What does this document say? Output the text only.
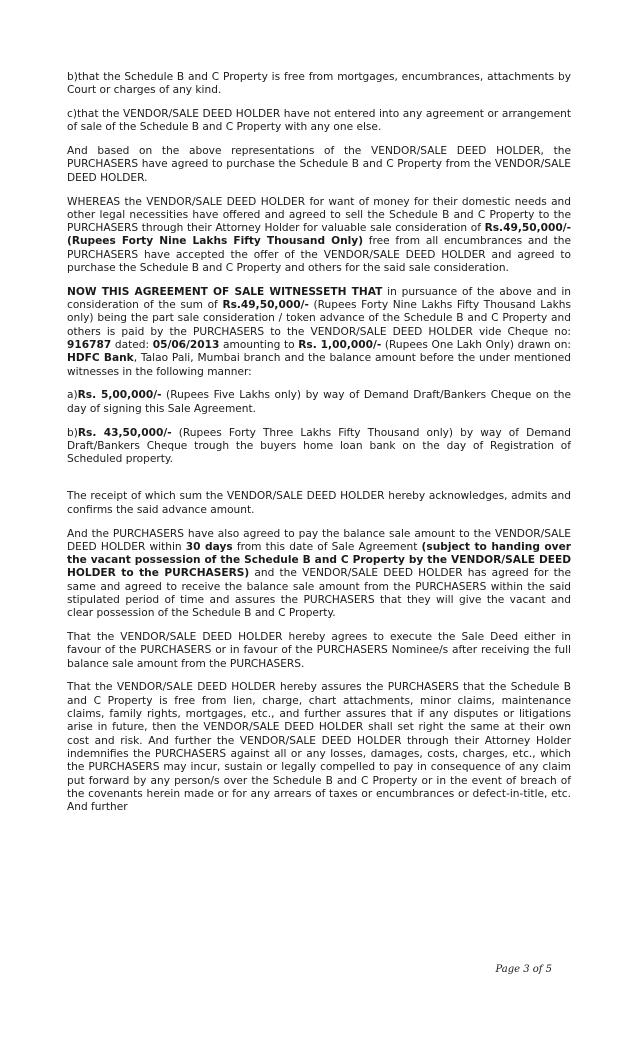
b)that the Schedule B and C Property is free from mortgages, encumbrances, attachments by Court or charges of any kind.

c)that the VENDOR/SALE DEED HOLDER have not entered into any agreement or arrangement of sale of the Schedule B and C Property with any one else.

And based on the above representations of the VENDOR/SALE DEED HOLDER, the PURCHASERS have agreed to purchase the Schedule B and C Property from the VENDOR/SALE DEED HOLDER.

WHEREAS the VENDOR/SALE DEED HOLDER for want of money for their domestic needs and other legal necessities have offered and agreed to sell the Schedule B and C Property to the PURCHASERS through their Attorney Holder for valuable sale consideration of Rs.49,50,000/- (Rupees Forty Nine Lakhs Fifty Thousand Only) free from all encumbrances and the PURCHASERS have accepted the offer of the VENDOR/SALE DEED HOLDER and agreed to purchase the Schedule B and C Property and others for the said sale consideration.

NOW THIS AGREEMENT OF SALE WITNESSETH THAT in pursuance of the above and in consideration of the sum of Rs.49,50,000/- (Rupees Forty Nine Lakhs Fifty Thousand Lakhs only) being the part sale consideration / token advance of the Schedule B and C Property and others is paid by the PURCHASERS to the VENDOR/SALE DEED HOLDER vide Cheque no: 916787 dated: 05/06/2013 amounting to Rs. 1,00,000/- (Rupees One Lakh Only) drawn on: HDFC Bank, Talao Pali, Mumbai branch and the balance amount before the under mentioned witnesses in the following manner:

a)Rs. 5,00,000/- (Rupees Five Lakhs only) by way of Demand Draft/Bankers Cheque on the day of signing this Sale Agreement.

b)Rs. 43,50,000/- (Rupees Forty Three Lakhs Fifty Thousand only) by way of Demand Draft/Bankers Cheque trough the buyers home loan bank on the day of Registration of Scheduled property.

The receipt of which sum the VENDOR/SALE DEED HOLDER hereby acknowledges, admits and confirms the said advance amount.

And the PURCHASERS have also agreed to pay the balance sale amount to the VENDOR/SALE DEED HOLDER within 30 days from this date of Sale Agreement (subject to handing over the vacant possession of the Schedule B and C Property by the VENDOR/SALE DEED HOLDER to the PURCHASERS) and the VENDOR/SALE DEED HOLDER has agreed for the same and agreed to receive the balance sale amount from the PURCHASERS within the said stipulated period of time and assures the PURCHASERS that they will give the vacant and clear possession of the Schedule B and C Property.

That the VENDOR/SALE DEED HOLDER hereby agrees to execute the Sale Deed either in favour of the PURCHASERS or in favour of the PURCHASERS Nominee/s after receiving the full balance sale amount from the PURCHASERS.

That the VENDOR/SALE DEED HOLDER hereby assures the PURCHASERS that the Schedule B and C Property is free from lien, charge, chart attachments, minor claims, maintenance claims, family rights, mortgages, etc., and further assures that if any disputes or litigations arise in future, then the VENDOR/SALE DEED HOLDER shall set right the same at their own cost and risk. And further the VENDOR/SALE DEED HOLDER through their Attorney Holder indemnifies the PURCHASERS against all or any losses, damages, costs, charges, etc., which the PURCHASERS may incur, sustain or legally compelled to pay in consequence of any claim put forward by any person/s over the Schedule B and C Property or in the event of breach of the covenants herein made or for any arrears of taxes or encumbrances or defect-in-title, etc. And further

Page 3 of 5
